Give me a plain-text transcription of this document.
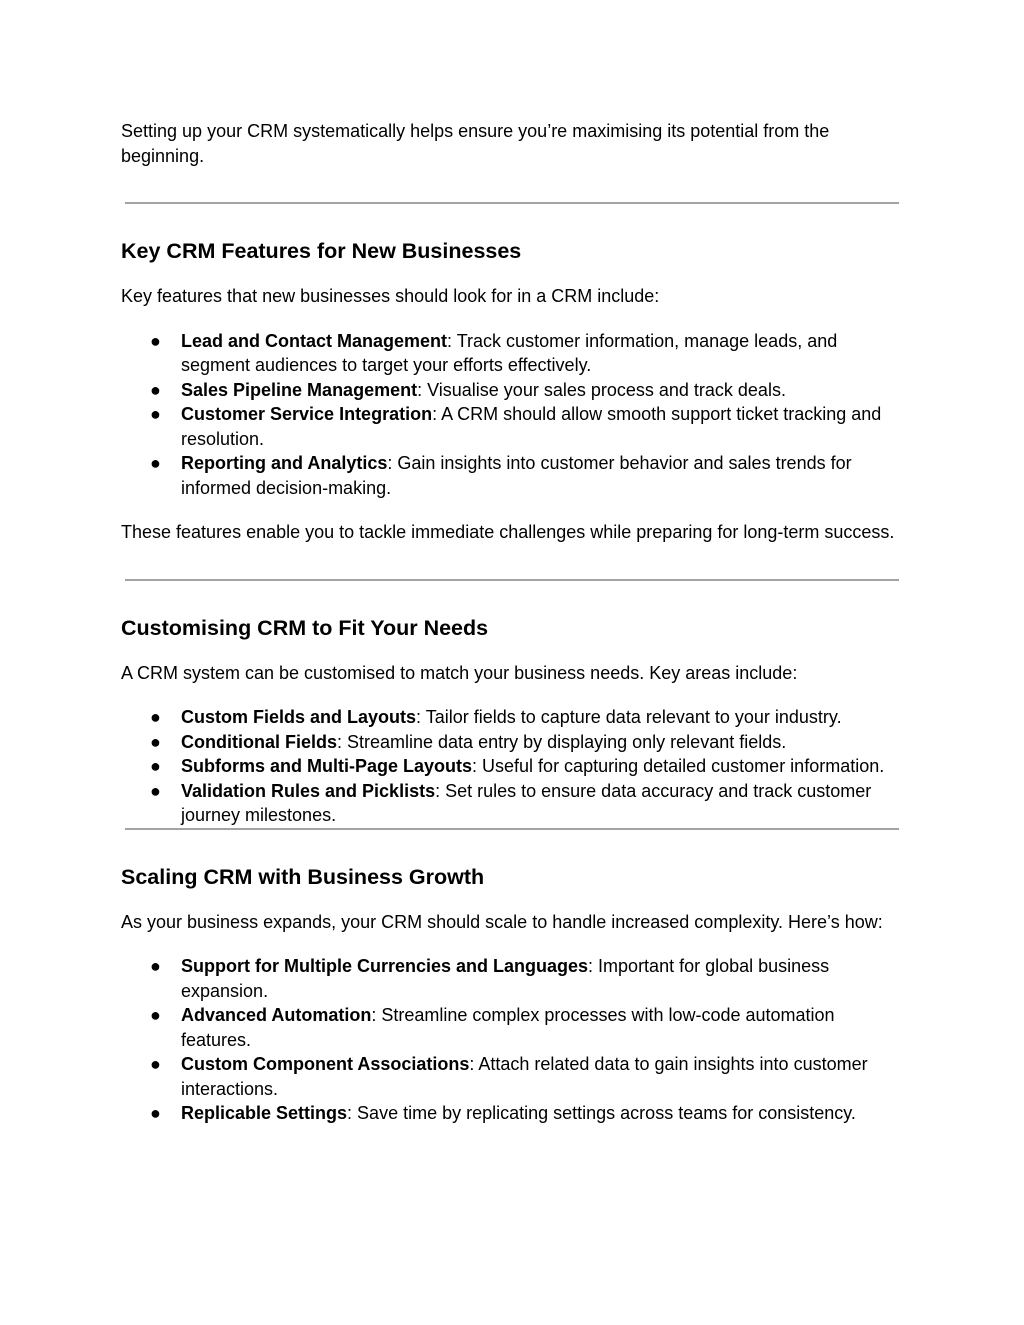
Setting up your CRM systematically helps ensure you’re maximising its potential from the beginning.

Key CRM Features for New Businesses

Key features that new businesses should look for in a CRM include:

● Lead and Contact Management: Track customer information, manage leads, and segment audiences to target your efforts effectively.
● Sales Pipeline Management: Visualise your sales process and track deals.
● Customer Service Integration: A CRM should allow smooth support ticket tracking and resolution.
● Reporting and Analytics: Gain insights into customer behavior and sales trends for informed decision-making.

These features enable you to tackle immediate challenges while preparing for long-term success.

Customising CRM to Fit Your Needs

A CRM system can be customised to match your business needs. Key areas include:

● Custom Fields and Layouts: Tailor fields to capture data relevant to your industry.
● Conditional Fields: Streamline data entry by displaying only relevant fields.
● Subforms and Multi-Page Layouts: Useful for capturing detailed customer information.
● Validation Rules and Picklists: Set rules to ensure data accuracy and track customer journey milestones.
Scaling CRM with Business Growth

As your business expands, your CRM should scale to handle increased complexity. Here’s how:

● Support for Multiple Currencies and Languages: Important for global business expansion.
● Advanced Automation: Streamline complex processes with low-code automation features.
● Custom Component Associations: Attach related data to gain insights into customer interactions.
● Replicable Settings: Save time by replicating settings across teams for consistency.
